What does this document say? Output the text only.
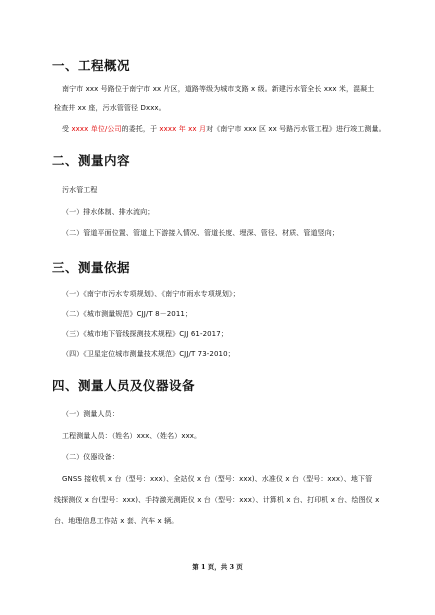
一、工程概况

南宁市 xxx 号路位于南宁市 xx 片区，道路等级为城市支路 x 级。新建污水管全长 xxx 米，混凝土

检查井 xx 座，污水管管径 Dxxx。

受 xxxx 单位/公司的委托，于 xxxx 年 xx 月对《南宁市 xxx 区 xx 号路污水管工程》进行竣工测量。

二、测量内容

污水管工程

（一）排水体制、排水流向；

（二）管道平面位置、管道上下游接入情况、管道长度、埋深、管径、材质、管道竖向；

三、测量依据

（一）《南宁市污水专项规划》、《南宁市雨水专项规划》；

（二）《城市测量规范》CJJ/T 8－2011；

（三）《城市地下管线探测技术规程》CJJ 61-2017；

（四）《卫星定位城市测量技术规范》CJJ/T 73-2010；

四、测量人员及仪器设备

（一）测量人员：

工程测量人员：（姓名）xxx、（姓名）xxx。

（二）仪器设备：

GNSS 接收机 x 台（型号：xxx）、全站仪 x 台（型号：xxx)、水准仪 x 台（型号：xxx）、地下管

线探测仪 x 台(型号：xxx)、手持激光测距仪 x 台（型号：xxx）、计算机 x 台、打印机 x 台、绘图仪 x

台、地理信息工作站 x 套、汽车 x 辆。

第 1 页，共 3 页
